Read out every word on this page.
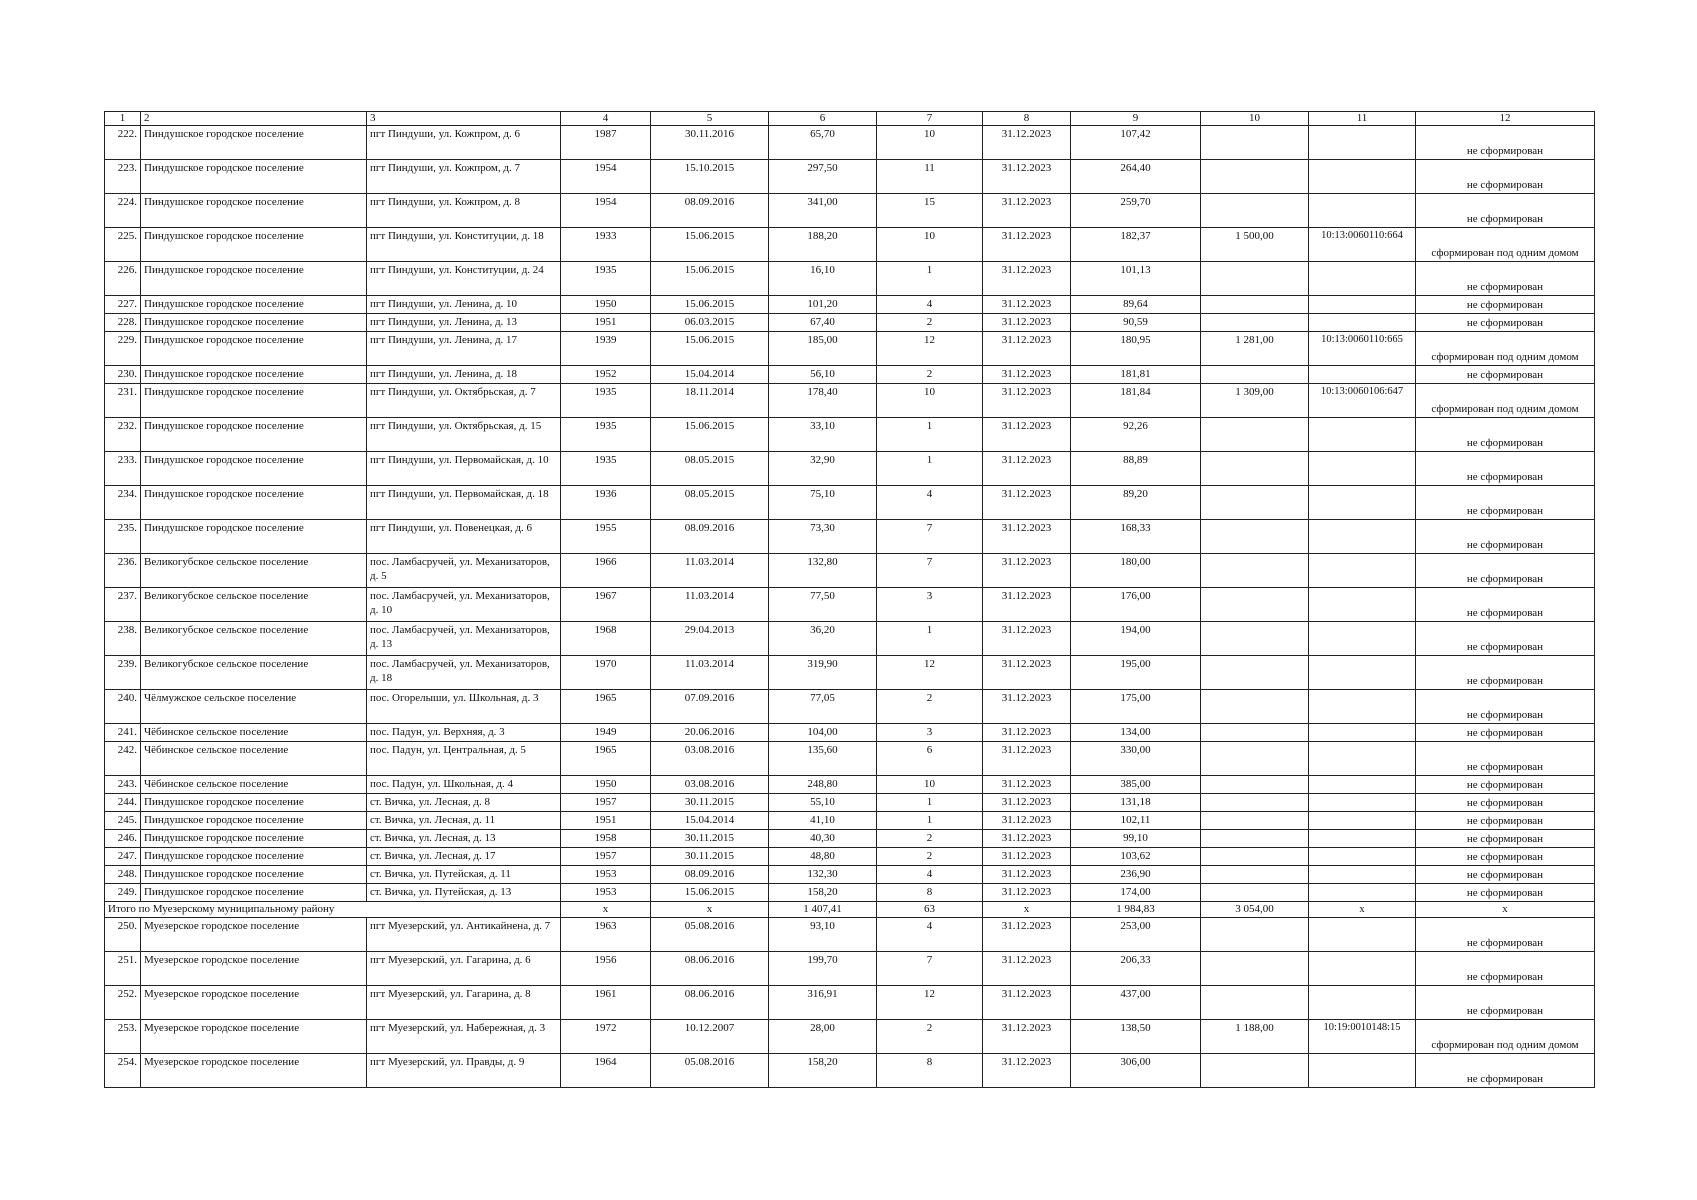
1	2	3	4	5	6	7	8	9	10	11	12
222.	Пиндушское городское поселение	пгт Пиндуши, ул. Кожпром, д. 6	1987	30.11.2016	65,70	10	31.12.2023	107,42			не сформирован
223.	Пиндушское городское поселение	пгт Пиндуши, ул. Кожпром, д. 7	1954	15.10.2015	297,50	11	31.12.2023	264,40			не сформирован
224.	Пиндушское городское поселение	пгт Пиндуши, ул. Кожпром, д. 8	1954	08.09.2016	341,00	15	31.12.2023	259,70			не сформирован
225.	Пиндушское городское поселение	пгт Пиндуши, ул. Конституции, д. 18	1933	15.06.2015	188,20	10	31.12.2023	182,37	1 500,00	10:13:0060110:664	сформирован под одним домом
226.	Пиндушское городское поселение	пгт Пиндуши, ул. Конституции, д. 24	1935	15.06.2015	16,10	1	31.12.2023	101,13			не сформирован
227.	Пиндушское городское поселение	пгт Пиндуши, ул. Ленина, д. 10	1950	15.06.2015	101,20	4	31.12.2023	89,64			не сформирован
228.	Пиндушское городское поселение	пгт Пиндуши, ул. Ленина, д. 13	1951	06.03.2015	67,40	2	31.12.2023	90,59			не сформирован
229.	Пиндушское городское поселение	пгт Пиндуши, ул. Ленина, д. 17	1939	15.06.2015	185,00	12	31.12.2023	180,95	1 281,00	10:13:0060110:665	сформирован под одним домом
230.	Пиндушское городское поселение	пгт Пиндуши, ул. Ленина, д. 18	1952	15.04.2014	56,10	2	31.12.2023	181,81			не сформирован
231.	Пиндушское городское поселение	пгт Пиндуши, ул. Октябрьская, д. 7	1935	18.11.2014	178,40	10	31.12.2023	181,84	1 309,00	10:13:0060106:647	сформирован под одним домом
232.	Пиндушское городское поселение	пгт Пиндуши, ул. Октябрьская, д. 15	1935	15.06.2015	33,10	1	31.12.2023	92,26			не сформирован
233.	Пиндушское городское поселение	пгт Пиндуши, ул. Первомайская, д. 10	1935	08.05.2015	32,90	1	31.12.2023	88,89			не сформирован
234.	Пиндушское городское поселение	пгт Пиндуши, ул. Первомайская, д. 18	1936	08.05.2015	75,10	4	31.12.2023	89,20			не сформирован
235.	Пиндушское городское поселение	пгт Пиндуши, ул. Повенецкая, д. 6	1955	08.09.2016	73,30	7	31.12.2023	168,33			не сформирован
236.	Великогубское сельское поселение	пос. Ламбасручей, ул. Механизаторов, д. 5	1966	11.03.2014	132,80	7	31.12.2023	180,00			не сформирован
237.	Великогубское сельское поселение	пос. Ламбасручей, ул. Механизаторов, д. 10	1967	11.03.2014	77,50	3	31.12.2023	176,00			не сформирован
238.	Великогубское сельское поселение	пос. Ламбасручей, ул. Механизаторов, д. 13	1968	29.04.2013	36,20	1	31.12.2023	194,00			не сформирован
239.	Великогубское сельское поселение	пос. Ламбасручей, ул. Механизаторов, д. 18	1970	11.03.2014	319,90	12	31.12.2023	195,00			не сформирован
240.	Чёлмужское сельское поселение	пос. Огорелыши, ул. Школьная, д. 3	1965	07.09.2016	77,05	2	31.12.2023	175,00			не сформирован
241.	Чёбинское сельское поселение	пос. Падун, ул. Верхняя, д. 3	1949	20.06.2016	104,00	3	31.12.2023	134,00			не сформирован
242.	Чёбинское сельское поселение	пос. Падун, ул. Центральная, д. 5	1965	03.08.2016	135,60	6	31.12.2023	330,00			не сформирован
243.	Чёбинское сельское поселение	пос. Падун, ул. Школьная, д. 4	1950	03.08.2016	248,80	10	31.12.2023	385,00			не сформирован
244.	Пиндушское городское поселение	ст. Вичка, ул. Лесная, д. 8	1957	30.11.2015	55,10	1	31.12.2023	131,18			не сформирован
245.	Пиндушское городское поселение	ст. Вичка, ул. Лесная, д. 11	1951	15.04.2014	41,10	1	31.12.2023	102,11			не сформирован
246.	Пиндушское городское поселение	ст. Вичка, ул. Лесная, д. 13	1958	30.11.2015	40,30	2	31.12.2023	99,10			не сформирован
247.	Пиндушское городское поселение	ст. Вичка, ул. Лесная, д. 17	1957	30.11.2015	48,80	2	31.12.2023	103,62			не сформирован
248.	Пиндушское городское поселение	ст. Вичка, ул. Путейская, д. 11	1953	08.09.2016	132,30	4	31.12.2023	236,90			не сформирован
249.	Пиндушское городское поселение	ст. Вичка, ул. Путейская, д. 13	1953	15.06.2015	158,20	8	31.12.2023	174,00			не сформирован
Итого по Муезерскому муниципальному району			x	x	1 407,41	63	x	1 984,83	3 054,00	x	x
250.	Муезерское городское поселение	пгт Муезерский, ул. Антикайнена, д. 7	1963	05.08.2016	93,10	4	31.12.2023	253,00			не сформирован
251.	Муезерское городское поселение	пгт Муезерский, ул. Гагарина, д. 6	1956	08.06.2016	199,70	7	31.12.2023	206,33			не сформирован
252.	Муезерское городское поселение	пгт Муезерский, ул. Гагарина, д. 8	1961	08.06.2016	316,91	12	31.12.2023	437,00			не сформирован
253.	Муезерское городское поселение	пгт Муезерский, ул. Набережная, д. 3	1972	10.12.2007	28,00	2	31.12.2023	138,50	1 188,00	10:19:0010148:15	сформирован под одним домом
254.	Муезерское городское поселение	пгт Муезерский, ул. Правды, д. 9	1964	05.08.2016	158,20	8	31.12.2023	306,00			не сформирован
